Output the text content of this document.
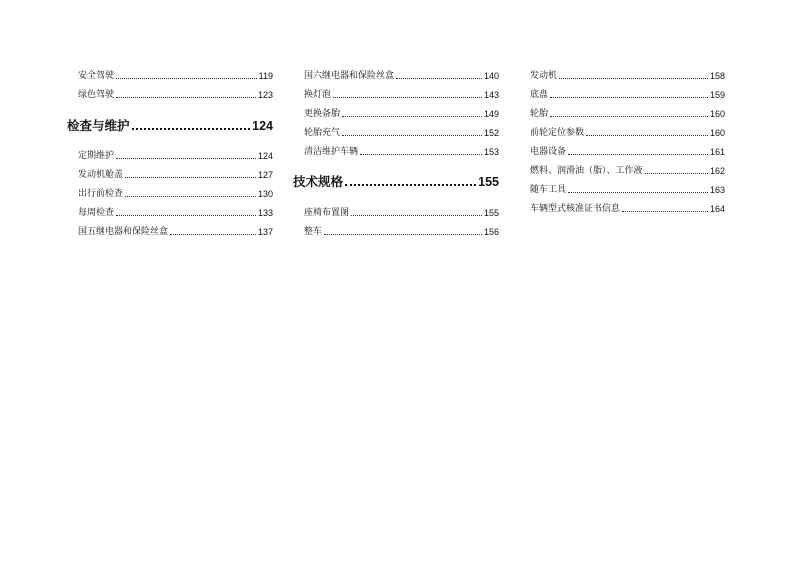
安全驾驶	119
绿色驾驶	123
检查与维护	124
定期维护	124
发动机舱盖	127
出行前检查	130
每周检查	133
国五继电器和保险丝盒	137
国六继电器和保险丝盒	140
换灯泡	143
更换备胎	149
轮胎充气	152
清洁维护车辆	153
技术规格	155
座椅布置图	155
整车	156
发动机	158
底盘	159
轮胎	160
前轮定位参数	160
电器设备	161
燃料、润滑油（脂）、工作液	162
随车工具	163
车辆型式核准证书信息	164
